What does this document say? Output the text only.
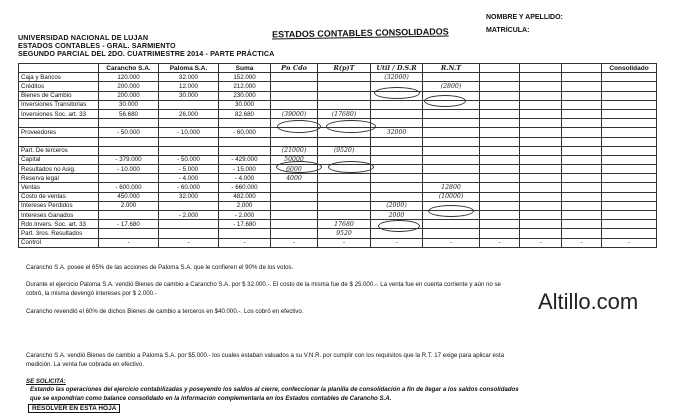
UNIVERSIDAD NACIONAL DE LUJAN
ESTADOS CONTABLES - GRAL. SARMIENTO
SEGUNDO PARCIAL DEL 2DO. CUATRIMESTRE 2014 - PARTE PRÁCTICA
ESTADOS CONTABLES CONSOLIDADOS
NOMBRE Y APELLIDO:
MATRÍCULA:
	Carancho S.A.	Paloma S.A.	Suma	Pn Cdo	R(p)T	Util / D.S.R	R.N.T				Consolidado
Caja y Bancos	120.000	32.000	152.000			(32000)					
Créditos	200.000	12.000	212.000				(2800)				
Bienes de Cambio	200.000	30.000	230.000								
Inversiones Transitorias	30.000		30.000								
Inversiones Soc. art. 33	56.680	26.000	82.680	(39000)	(17680)						

Proveedores	- 50.000	- 10.000	- 60.000			32000					

Part. De terceros				(21000)	(9520)						
Capital	- 379.000	- 50.000	- 429.000	50000							
Resultados no Asig.	- 10.000	- 5.000	- 15.000	6000							
Reserva legal		- 4.000	- 4.000	4000							
Ventas	- 600.000	- 60.000	- 660.000				12800				
Costo de ventas	450.000	32.000	482.000				(10000)				
Intereses Perdidos	2.000		2.000			(2000)					
Intereses Ganados		- 2.000	- 2.000			2000					
Rdo.Invers. Soc. art. 33	- 17.680		- 17.680		17680						
Part. 3ros. Resultados					9520						
Control	-	-	-	-	-	-	-	-	-	-	-
Carancho S.A. posee el 65% de las acciones de Paloma S.A. que le confieren el 90% de los votos.
Durante el ejercicio Paloma S.A. vendió Bienes de cambio a Carancho S.A. por $ 32.000.-. El costo de la misma fue de $ 25.000.-. La venta fue en cuenta corriente y aún no se
cobró, la misma devengó intereses por $ 2.000.-
Carancho revendió el 60% de dichos Bienes de cambio a terceros en $40.000.-. Los cobró en efectivo.
Carancho S.A. vendió Bienes de cambio a Paloma S.A. por $5.000.- los cuales estaban valuados a su V.N.R. por cumplir con los requisitos que la R.T. 17 exige para aplicar esta
medición. La venta fue cobrada en efectivo.
SE SOLICITA:
Estando las operaciones del ejercicio contabilizadas y poseyendo los saldos al cierre, confeccionar la planilla de consolidación a fin de llegar a los saldos consolidados
que se expondrían como balance consolidado en la información complementaria en los Estados contables de Carancho S.A.
RESOLVER EN ESTA HOJA
Altillo.com
